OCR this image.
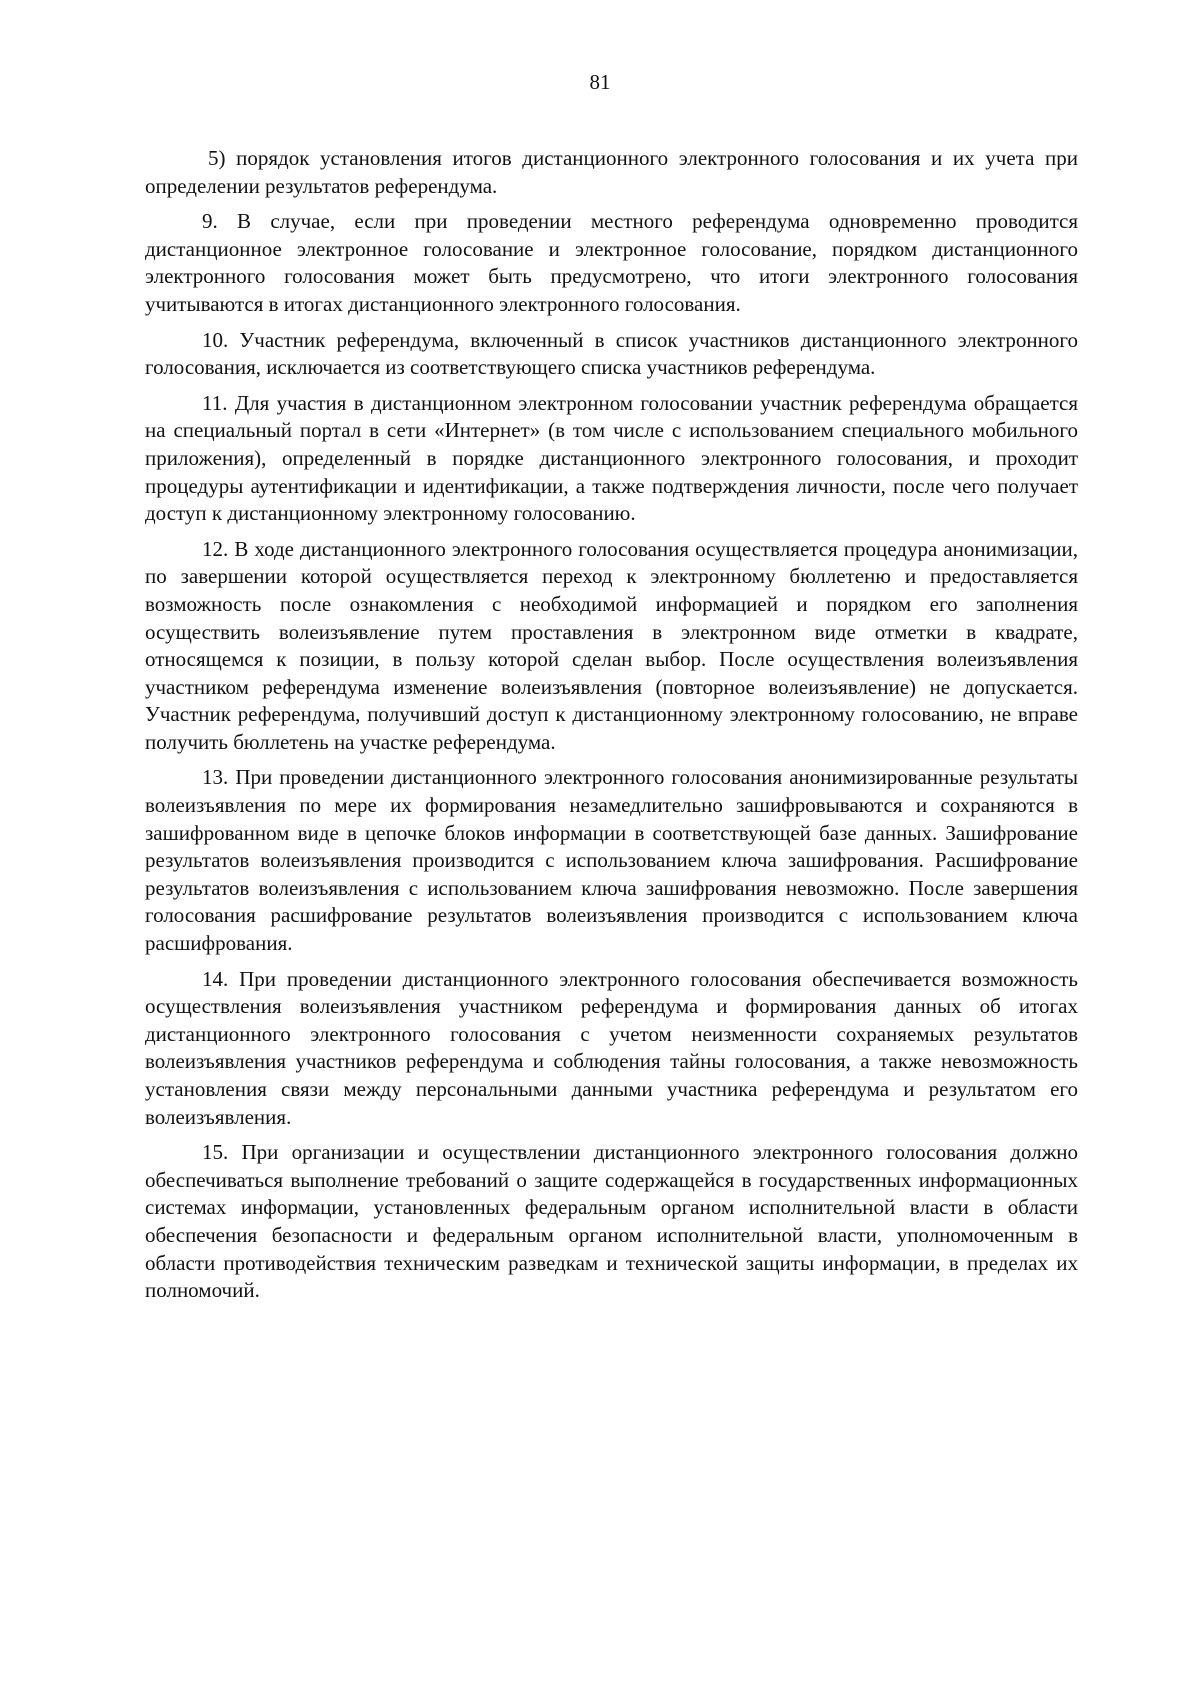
81

5) порядок установления итогов дистанционного электронного голосования и их учета при определении результатов референдума.

9. В случае, если при проведении местного референдума одновременно проводится дистанционное электронное голосование и электронное голосование, порядком дистанционного электронного голосования может быть предусмотрено, что итоги электронного голосования учитываются в итогах дистанционного электронного голосования.

10. Участник референдума, включенный в список участников дистанционного электронного голосования, исключается из соответствующего списка участников референдума.

11. Для участия в дистанционном электронном голосовании участник референдума обращается на специальный портал в сети «Интернет» (в том числе с использованием специального мобильного приложения), определенный в порядке дистанционного электронного голосования, и проходит процедуры аутентификации и идентификации, а также подтверждения личности, после чего получает доступ к дистанционному электронному голосованию.

12. В ходе дистанционного электронного голосования осуществляется процедура анонимизации, по завершении которой осуществляется переход к электронному бюллетеню и предоставляется возможность после ознакомления с необходимой информацией и порядком его заполнения осуществить волеизъявление путем проставления в электронном виде отметки в квадрате, относящемся к позиции, в пользу которой сделан выбор. После осуществления волеизъявления участником референдума изменение волеизъявления (повторное волеизъявление) не допускается. Участник референдума, получивший доступ к дистанционному электронному голосованию, не вправе получить бюллетень на участке референдума.

13. При проведении дистанционного электронного голосования анонимизированные результаты волеизъявления по мере их формирования незамедлительно зашифровываются и сохраняются в зашифрованном виде в цепочке блоков информации в соответствующей базе данных. Зашифрование результатов волеизъявления производится с использованием ключа зашифрования. Расшифрование результатов волеизъявления с использованием ключа зашифрования невозможно. После завершения голосования расшифрование результатов волеизъявления производится с использованием ключа расшифрования.

14. При проведении дистанционного электронного голосования обеспечивается возможность осуществления волеизъявления участником референдума и формирования данных об итогах дистанционного электронного голосования с учетом неизменности сохраняемых результатов волеизъявления участников референдума и соблюдения тайны голосования, а также невозможность установления связи между персональными данными участника референдума и результатом его волеизъявления.

15. При организации и осуществлении дистанционного электронного голосования должно обеспечиваться выполнение требований о защите содержащейся в государственных информационных системах информации, установленных федеральным органом исполнительной власти в области обеспечения безопасности и федеральным органом исполнительной власти, уполномоченным в области противодействия техническим разведкам и технической защиты информации, в пределах их полномочий.
